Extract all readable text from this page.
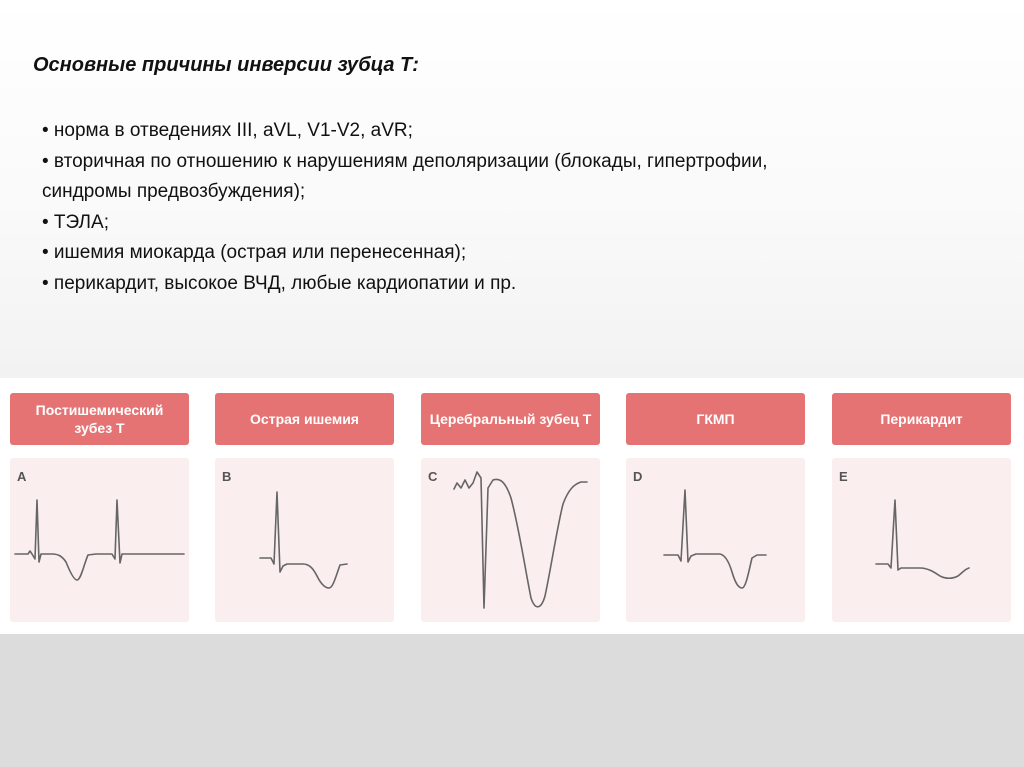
Основные причины инверсии зубца Т:

• норма в отведениях III, aVL, V1-V2, aVR;

• вторичная по отношению к нарушениям деполяризации (блокады, гипертрофии,

синдромы предвозбуждения);

• ТЭЛА;

• ишемия миокарда (острая или перенесенная);

• перикардит, высокое ВЧД, любые кардиопатии и пр.

Постишемический зубез Т
A
Острая ишемия
B
Церебральный зубец Т
C
ГКМП
D
Перикардит
E
